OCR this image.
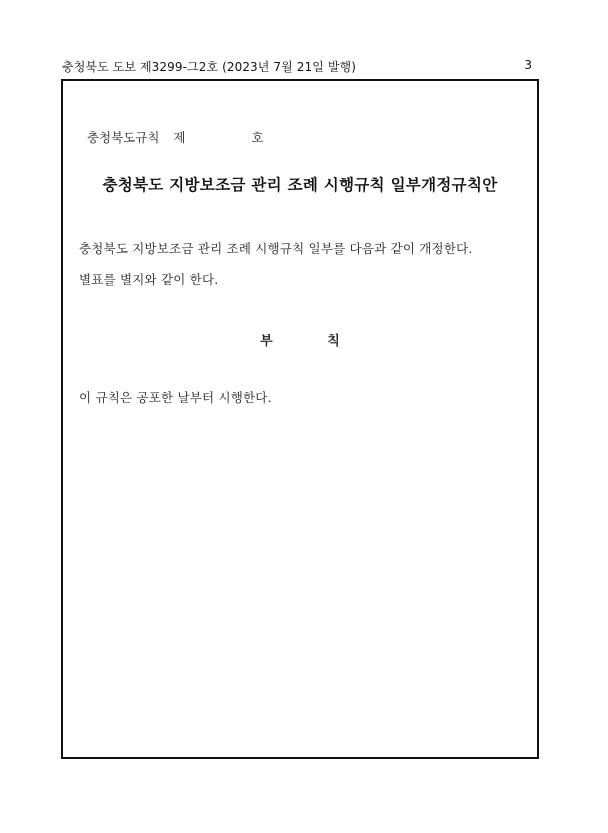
충청북도 도보 제3299-그2호 (2023년 7월 21일 발행)	3

충청북도규칙 제	호

충청북도 지방보조금 관리 조례 시행규칙 일부개정규칙안
충청북도 지방보조금 관리 조례 시행규칙 일부를 다음과 같이 개정한다.
별표를 별지와 같이 한다.
부 칙
이 규칙은 공포한 날부터 시행한다.
